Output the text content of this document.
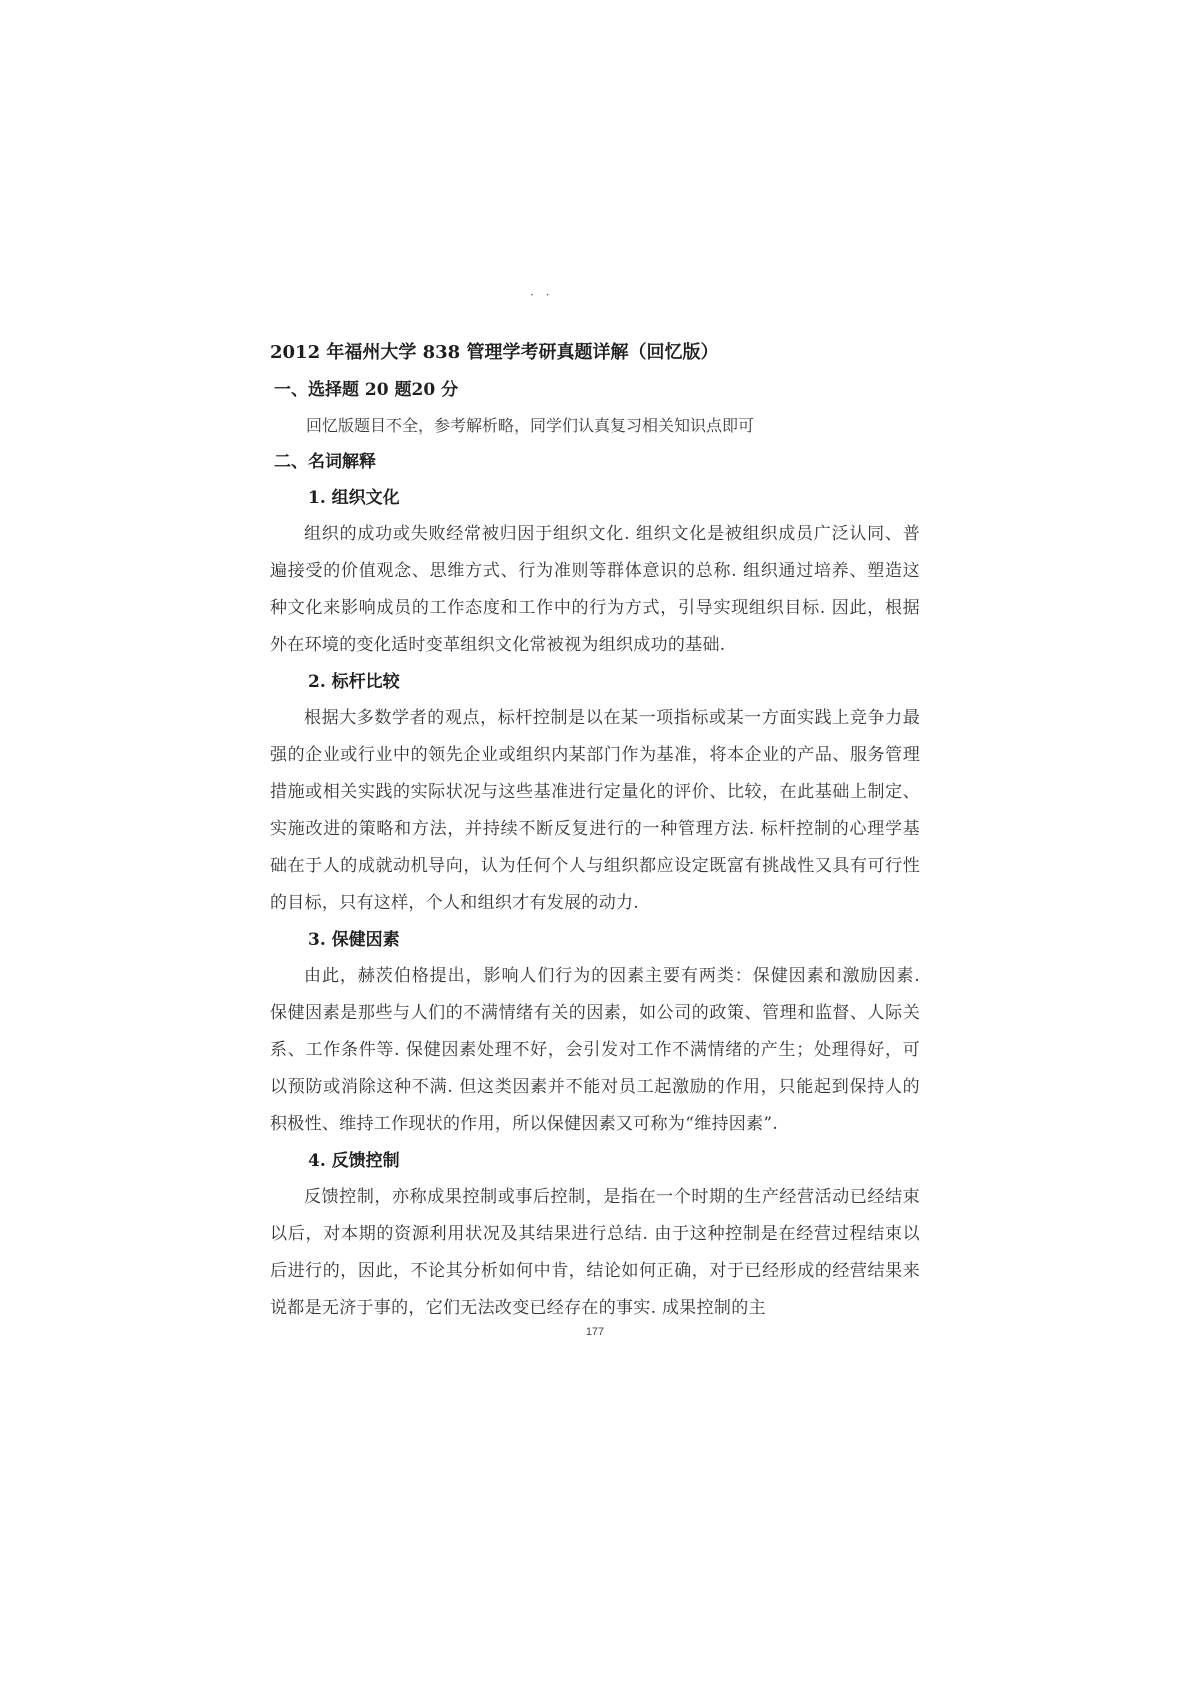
· ·
2012 年福州大学 838 管理学考研真题详解（回忆版）
一、选择题 20 题20 分
回忆版题目不全，参考解析略，同学们认真复习相关知识点即可
二、名词解释
1. 组织文化

组织的成功或失败经常被归因于组织文化. 组织文化是被组织成员广泛认同、普遍接受的价值观念、思维方式、行为准则等群体意识的总称. 组织通过培养、塑造这种文化来影响成员的工作态度和工作中的行为方式，引导实现组织目标. 因此，根据外在环境的变化适时变革组织文化常被视为组织成功的基础.

2. 标杆比较

根据大多数学者的观点，标杆控制是以在某一项指标或某一方面实践上竞争力最强的企业或行业中的领先企业或组织内某部门作为基准，将本企业的产品、服务管理措施或相关实践的实际状况与这些基准进行定量化的评价、比较，在此基础上制定、实施改进的策略和方法，并持续不断反复进行的一种管理方法. 标杆控制的心理学基础在于人的成就动机导向，认为任何个人与组织都应设定既富有挑战性又具有可行性的目标，只有这样，个人和组织才有发展的动力.

3. 保健因素

由此，赫茨伯格提出，影响人们行为的因素主要有两类：保健因素和激励因素. 保健因素是那些与人们的不满情绪有关的因素，如公司的政策、管理和监督、人际关系、工作条件等. 保健因素处理不好，会引发对工作不满情绪的产生；处理得好，可以预防或消除这种不满. 但这类因素并不能对员工起激励的作用，只能起到保持人的积极性、维持工作现状的作用，所以保健因素又可称为“维持因素”.

4. 反馈控制

反馈控制，亦称成果控制或事后控制，是指在一个时期的生产经营活动已经结束以后，对本期的资源利用状况及其结果进行总结. 由于这种控制是在经营过程结束以后进行的，因此，不论其分析如何中肯，结论如何正确，对于已经形成的经营结果来说都是无济于事的，它们无法改变已经存在的事实. 成果控制的主

177
